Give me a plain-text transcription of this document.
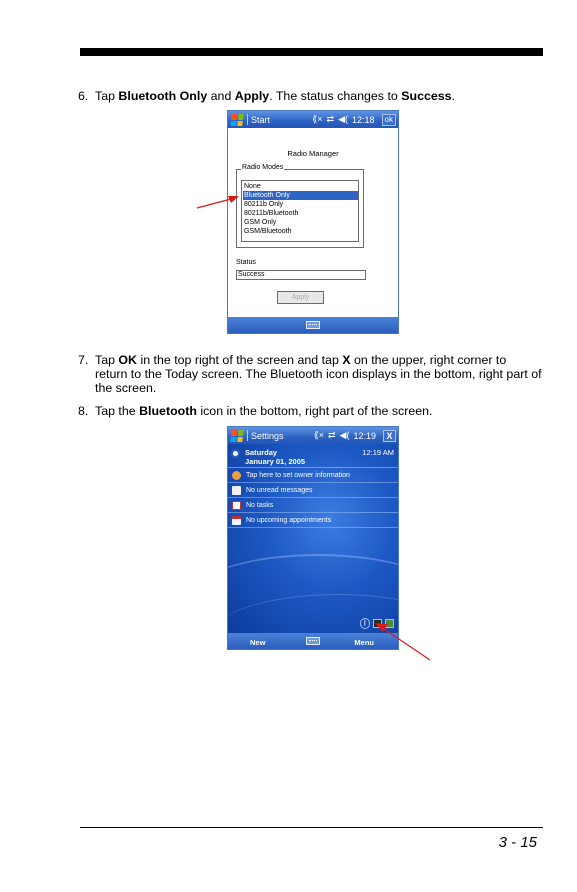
6. Tap Bluetooth Only and Apply. The status changes to Success.
Start	⟪× ⇄ ◀( 12:18	ok
Radio Manager
Radio Modes
None
Bluetooth Only
80211b Only
80211b/Bluetooth
GSM Only
GSM/Bluetooth
Status
Success
Apply
7. Tap OK in the top right of the screen and tap X on the upper, right corner to return to the Today screen. The Bluetooth icon displays in the bottom, right part of the screen.
8. Tap the Bluetooth icon in the bottom, right part of the screen.
Settings	⟪× ⇄ ◀( 12:19	X
Saturday
January 01, 2005
12:19 AM
Tap here to set owner information
No unread messages
No tasks
No upcoming appointments
ᛒ
New	Menu
3 - 15
